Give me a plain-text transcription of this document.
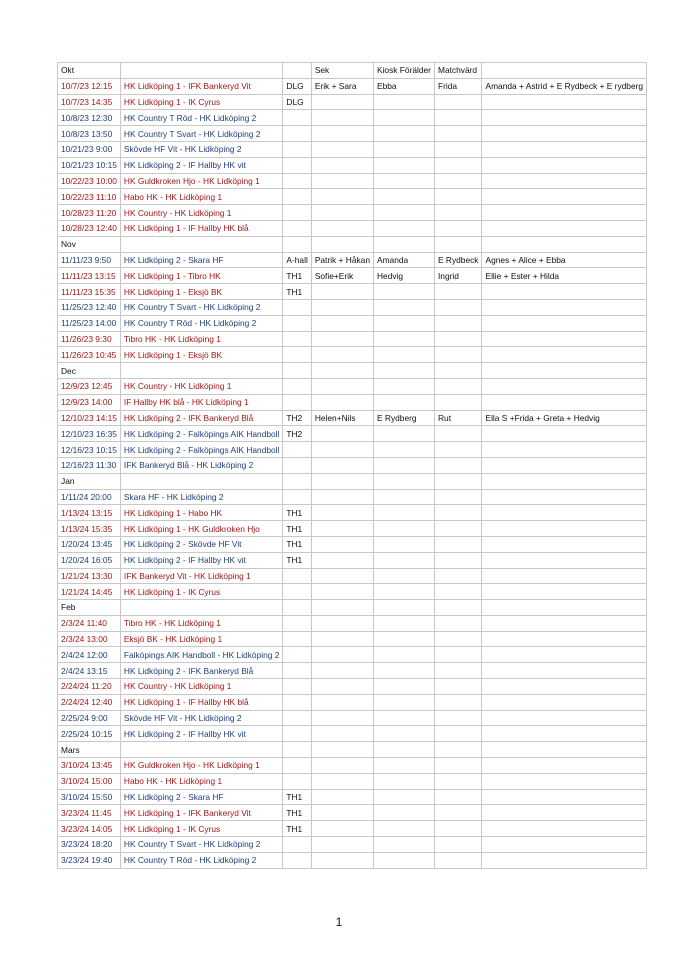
Okt			Sek	Kiosk Förälder	Matchvärd	
10/7/23 12:15	HK Lidköping 1 - IFK Bankeryd Vit	DLG	Erik + Sara	Ebba	Frida	Amanda + Astrid + E Rydbeck + E rydberg
10/7/23 14:35	HK Lidköping 1 - IK Cyrus	DLG				
10/8/23 12:30	HK Country T Röd - HK Lidköping 2					
10/8/23 13:50	HK Country T Svart - HK Lidköping 2					
10/21/23 9:00	Skövde HF Vit - HK Lidköping 2					
10/21/23 10:15	HK Lidköping 2 - IF Hallby HK vit					
10/22/23 10:00	HK Guldkroken Hjo - HK Lidköping 1					
10/22/23 11:10	Habo HK - HK Lidköping 1					
10/28/23 11:20	HK Country - HK Lidköping 1					
10/28/23 12:40	HK Lidköping 1 - IF Hallby HK blå					
Nov						
11/11/23 9:50	HK Lidköping 2 - Skara HF	A-hall	Patrik + Håkan	Amanda	E Rydbeck	Agnes + Alice + Ebba
11/11/23 13:15	HK Lidköping 1 - Tibro HK	TH1	Sofie+Erik	Hedvig	Ingrid	Ellie + Ester + Hilda
11/11/23 15:35	HK Lidköping 1 - Eksjö BK	TH1				
11/25/23 12:40	HK Country T Svart - HK Lidköping 2					
11/25/23 14:00	HK Country T Röd - HK Lidköping 2					
11/26/23 9:30	Tibro HK - HK Lidköping 1					
11/26/23 10:45	HK Lidköping 1 - Eksjö BK					
Dec						
12/9/23 12:45	HK Country - HK Lidköping 1					
12/9/23 14:00	IF Hallby HK blå - HK Lidköping 1					
12/10/23 14:15	HK Lidköping 2 - IFK Bankeryd Blå	TH2	Helen+Nils	E Rydberg	Rut	Ella S +Frida + Greta + Hedvig
12/10/23 16:35	HK Lidköping 2 - Falköpings AIK Handboll	TH2				
12/16/23 10:15	HK Lidköping 2 - Falköpings AIK Handboll					
12/16/23 11:30	IFK Bankeryd Blå - HK Lidköping 2					
Jan						
1/11/24 20:00	Skara HF - HK Lidköping 2					
1/13/24 13:15	HK Lidköping 1 - Habo HK	TH1				
1/13/24 15:35	HK Lidköping 1 - HK Guldkroken Hjo	TH1				
1/20/24 13:45	HK Lidköping 2 - Skövde HF Vit	TH1				
1/20/24 16:05	HK Lidköping 2 - IF Hallby HK vit	TH1				
1/21/24 13:30	IFK Bankeryd Vit - HK Lidköping 1					
1/21/24 14:45	HK Lidköping 1 - IK Cyrus					
Feb						
2/3/24 11:40	Tibro HK - HK Lidköping 1					
2/3/24 13:00	Eksjö BK - HK Lidköping 1					
2/4/24 12:00	Falköpings AIK Handboll - HK Lidköping 2					
2/4/24 13:15	HK Lidköping 2 - IFK Bankeryd Blå					
2/24/24 11:20	HK Country - HK Lidköping 1					
2/24/24 12:40	HK Lidköping 1 - IF Hallby HK blå					
2/25/24 9:00	Skövde HF Vit - HK Lidköping 2					
2/25/24 10:15	HK Lidköping 2 - IF Hallby HK vit					
Mars						
3/10/24 13:45	HK Guldkroken Hjo - HK Lidköping 1					
3/10/24 15:00	Habo HK - HK Lidköping 1					
3/10/24 15:50	HK Lidköping 2 - Skara HF	TH1				
3/23/24 11:45	HK Lidköping 1 - IFK Bankeryd Vit	TH1				
3/23/24 14:05	HK Lidköping 1 - IK Cyrus	TH1				
3/23/24 18:20	HK Country T Svart - HK Lidköping 2					
3/23/24 19:40	HK Country T Röd - HK Lidköping 2					
1
